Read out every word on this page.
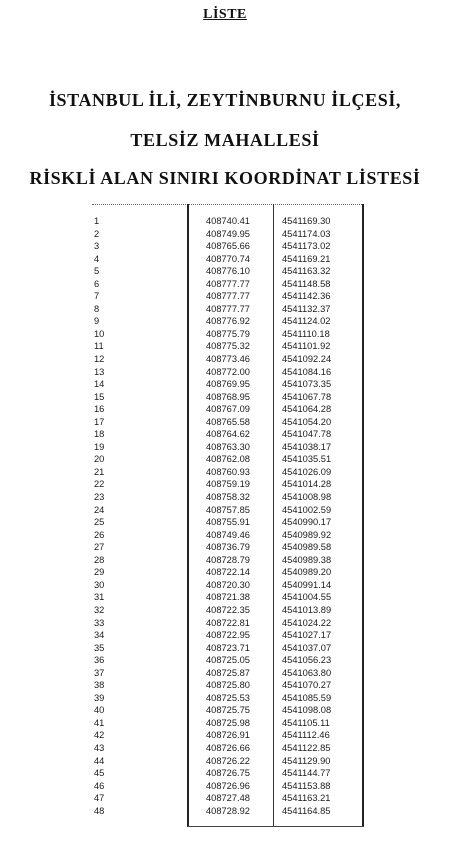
LİSTE
İSTANBUL İLİ, ZEYTİNBURNU İLÇESİ,
TELSİZ MAHALLESİ
RİSKLİ ALAN SINIRI KOORDİNAT LİSTESİ
1	408740.41	4541169.30
2	408749.95	4541174.03
3	408765.66	4541173.02
4	408770.74	4541169.21
5	408776.10	4541163.32
6	408777.77	4541148.58
7	408777.77	4541142.36
8	408777.77	4541132.37
9	408776.92	4541124.02
10	408775.79	4541110.18
11	408775.32	4541101.92
12	408773.46	4541092.24
13	408772.00	4541084.16
14	408769.95	4541073.35
15	408768.95	4541067.78
16	408767.09	4541064.28
17	408765.58	4541054.20
18	408764.62	4541047.78
19	408763.30	4541038.17
20	408762.08	4541035.51
21	408760.93	4541026.09
22	408759.19	4541014.28
23	408758.32	4541008.98
24	408757.85	4541002.59
25	408755.91	4540990.17
26	408749.46	4540989.92
27	408736.79	4540989.58
28	408728.79	4540989.38
29	408722.14	4540989.20
30	408720.30	4540991.14
31	408721.38	4541004.55
32	408722.35	4541013.89
33	408722.81	4541024.22
34	408722.95	4541027.17
35	408723.71	4541037.07
36	408725.05	4541056.23
37	408725.87	4541063.80
38	408725.80	4541070.27
39	408725.53	4541085.59
40	408725.75	4541098.08
41	408725.98	4541105.11
42	408726.91	4541112.46
43	408726.66	4541122.85
44	408726.22	4541129.90
45	408726.75	4541144.77
46	408726.96	4541153.88
47	408727.48	4541163.21
48	408728.92	4541164.85
